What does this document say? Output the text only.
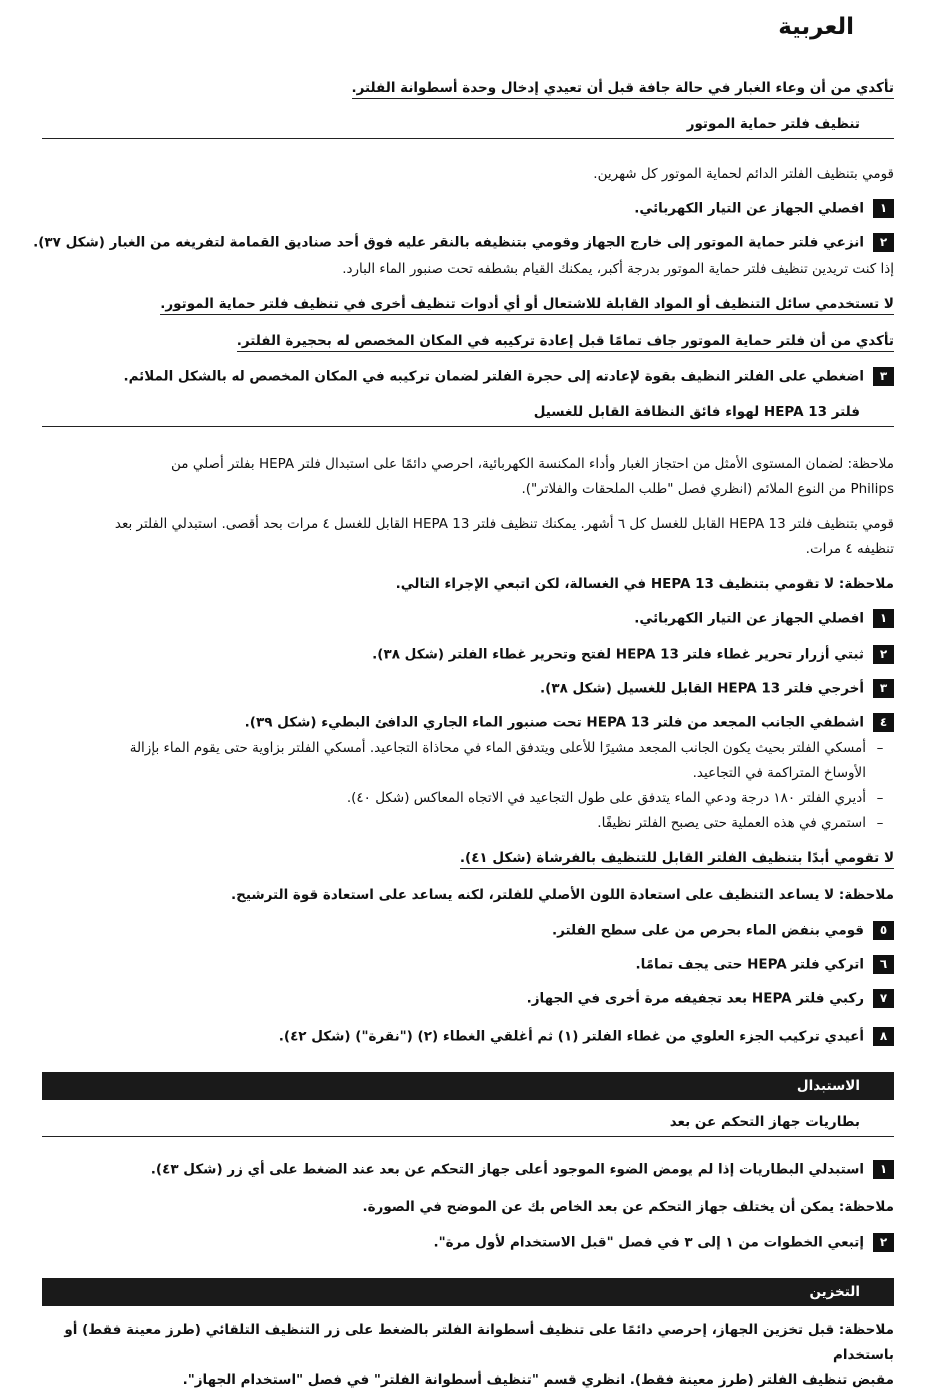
العربية
تأكدي من أن وعاء الغبار في حالة جافة قبل أن تعيدي إدخال وحدة أسطوانة الفلتر.
تنظيف فلتر حماية الموتور
قومي بتنظيف الفلتر الدائم لحماية الموتور كل شهرين.
١افصلي الجهاز عن التيار الكهربائي.
٢انزعي فلتر حماية الموتور إلى خارج الجهاز وقومي بتنظيفه بالنقر عليه فوق أحد صناديق القمامة لتفريغه من الغبار (شكل ٣٧).
إذا كنت تريدين تنظيف فلتر حماية الموتور بدرجة أكبر، يمكنك القيام بشطفه تحت صنبور الماء البارد.
لا تستخدمي سائل التنظيف أو المواد القابلة للاشتعال أو أي أدوات تنظيف أخرى في تنظيف فلتر حماية الموتور.
تأكدي من أن فلتر حماية الموتور جاف تمامًا قبل إعادة تركيبه في المكان المخصص له بحجيرة الفلتر.
٣اضغطي على الفلتر النظيف بقوة لإعادته إلى حجرة الفلتر لضمان تركيبه في المكان المخصص له بالشكل الملائم.
فلتر HEPA 13 لهواء فائق النظافة القابل للغسيل
ملاحظة: لضمان المستوى الأمثل من احتجاز الغبار وأداء المكنسة الكهربائية، احرصي دائمًا على استبدال فلتر HEPA بفلتر أصلي من
Philips من النوع الملائم (انظري فصل "طلب الملحقات والفلاتر").
قومي بتنظيف فلتر HEPA 13 القابل للغسل كل ٦ أشهر. يمكنك تنظيف فلتر HEPA 13 القابل للغسل ٤ مرات بحد أقصى. استبدلي الفلتر بعد
تنظيفه ٤ مرات.
ملاحظة: لا تقومي بتنظيف HEPA 13 في الغسالة، لكن اتبعي الإجراء التالي.
١افصلي الجهاز عن التيار الكهربائي.
٢ثبتي أزرار تحرير غطاء فلتر HEPA 13 لفتح وتحرير غطاء الفلتر (شكل ٣٨).
٣أخرجي فلتر HEPA 13 القابل للغسيل (شكل ٣٨).
٤اشطفي الجانب المجعد من فلتر HEPA 13 تحت صنبور الماء الجاري الدافئ البطيء (شكل ٣٩).
–أمسكي الفلتر بحيث يكون الجانب المجعد مشيرًا للأعلى ويتدفق الماء في محاذاة التجاعيد. أمسكي الفلتر بزاوية حتى يقوم الماء بإزالة
الأوساخ المتراكمة في التجاعيد.
–أديري الفلتر ١٨٠ درجة ودعي الماء يتدفق على طول التجاعيد في الاتجاه المعاكس (شكل ٤٠).
–استمري في هذه العملية حتى يصبح الفلتر نظيفًا.
لا تقومي أبدًا بتنظيف الفلتر القابل للتنظيف بالفرشاة (شكل ٤١).
ملاحظة: لا يساعد التنظيف على استعادة اللون الأصلي للفلتر، لكنه يساعد على استعادة قوة الترشيح.
٥قومي بنفض الماء بحرص من على سطح الفلتر.
٦اتركي فلتر HEPA حتى يجف تمامًا.
٧ركبي فلتر HEPA بعد تجفيفه مرة أخرى في الجهاز.
٨أعيدي تركيب الجزء العلوي من غطاء الفلتر (١) ثم أغلقي الغطاء (٢) ("نقرة") (شكل ٤٢).
الاستبدال
بطاريات جهاز التحكم عن بعد
١استبدلي البطاريات إذا لم يومض الضوء الموجود أعلى جهاز التحكم عن بعد عند الضغط على أي زر (شكل ٤٣).
ملاحظة: يمكن أن يختلف جهاز التحكم عن بعد الخاص بك عن الموضح في الصورة.
٢إتبعي الخطوات من ١ إلى ٣ في فصل "قبل الاستخدام لأول مرة".
التخزين
ملاحظة: قبل تخزين الجهاز، إحرصي دائمًا على تنظيف أسطوانة الفلتر بالضغط على زر التنظيف التلقائي (طرز معينة فقط) أو باستخدام
مقبض تنظيف الفلتر (طرز معينة فقط). انظري قسم "تنظيف أسطوانة الفلتر" في فصل "استخدام الجهاز".
